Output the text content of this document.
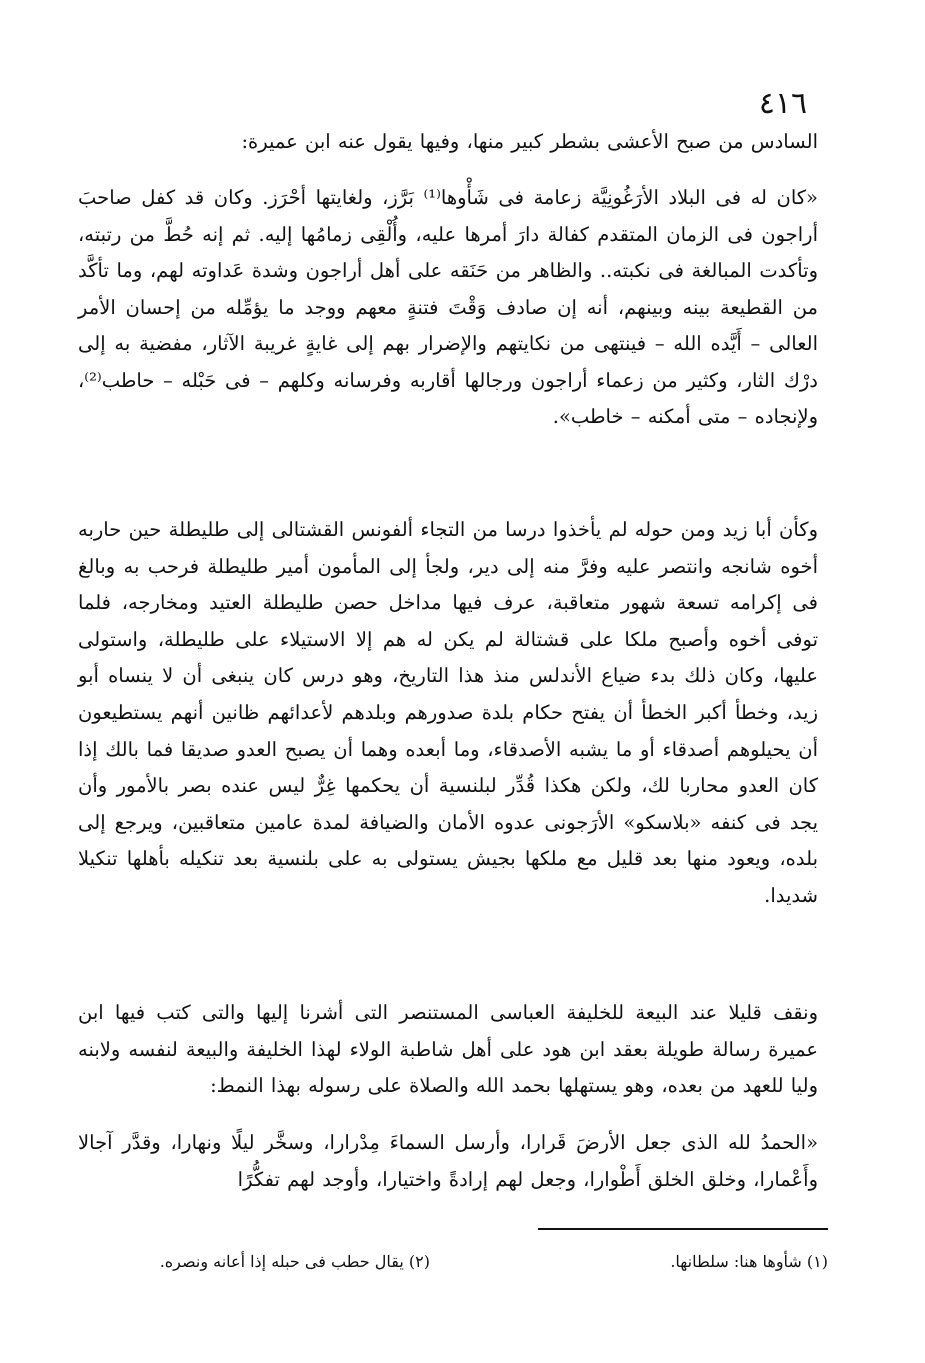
٤١٦

السادس من صبح الأعشى بشطر كبير منها، وفيها يقول عنه ابن عميرة:

«كان له فى البلاد الأرَغُونِيَّة زعامة فى شَأْوها⁽¹⁾ بَرَّز، ولغايتها أحْرَز. وكان قد كفل صاحبَ أراجون فى الزمان المتقدم كفالة دارَ أمرها عليه، وأُلْقِى زمامُها إليه. ثم إنه حُطَّ من رتبته، وتأكدت المبالغة فى نكبته.. والظاهر من حَنَقه على أهل أراجون وشدة عَداوته لهم، وما تأكَّد من القطيعة بينه وبينهم، أنه إن صادف وَقْتَ فتنةٍ معهم ووجد ما يؤمِّله من إحسان الأمر العالى – أَيَّده الله – فينتهى من نكايتهم والإضرار بهم إلى غايةٍ غريبة الآثار، مفضية به إلى درْك الثار، وكثير من زعماء أراجون ورجالها أقاربه وفرسانه وكلهم – فى حَبْله – حاطب⁽²⁾، ولإنجاده – متى أمكنه – خاطب».

وكأن أبا زيد ومن حوله لم يأخذوا درسا من التجاء ألفونس القشتالى إلى طليطلة حين حاربه أخوه شانجه وانتصر عليه وفرَّ منه إلى دير، ولجأ إلى المأمون أمير طليطلة فرحب به وبالغ فى إكرامه تسعة شهور متعاقبة، عرف فيها مداخل حصن طليطلة العتيد ومخارجه، فلما توفى أخوه وأصبح ملكا على قشتالة لم يكن له هم إلا الاستيلاء على طليطلة، واستولى عليها، وكان ذلك بدء ضياع الأندلس منذ هذا التاريخ، وهو درس كان ينبغى أن لا ينساه أبو زيد، وخطأ أكبر الخطأ أن يفتح حكام بلدة صدورهم وبلدهم لأعدائهم ظانين أنهم يستطيعون أن يحيلوهم أصدقاء أو ما يشبه الأصدقاء، وما أبعده وهما أن يصبح العدو صديقا فما بالك إذا كان العدو محاربا لك، ولكن هكذا قُدِّر لبلنسية أن يحكمها غِرٌّ ليس عنده بصر بالأمور وأن يجد فى كنفه «بلاسكو» الأرَجونى عدوه الأمان والضيافة لمدة عامين متعاقبين، ويرجع إلى بلده، ويعود منها بعد قليل مع ملكها بجيش يستولى به على بلنسية بعد تنكيله بأهلها تنكيلا شديدا.

ونقف قليلا عند البيعة للخليفة العباسى المستنصر التى أشرنا إليها والتى كتب فيها ابن عميرة رسالة طويلة بعقد ابن هود على أهل شاطبة الولاء لهذا الخليفة والبيعة لنفسه ولابنه وليا للعهد من بعده، وهو يستهلها بحمد الله والصلاة على رسوله بهذا النمط:

«الحمدُ لله الذى جعل الأرضَ قَرارا، وأرسل السماءَ مِدْرارا، وسخَّر ليلًا ونهارا، وقدَّر آجالا وأَعْمارا، وخلق الخلق أَطْوارا، وجعل لهم إرادةً واختيارا، وأوجد لهم تفكُّرًا

(١) شأوها هنا: سلطانها.
(٢) يقال حطب فى حبله إذا أعانه ونصره.
